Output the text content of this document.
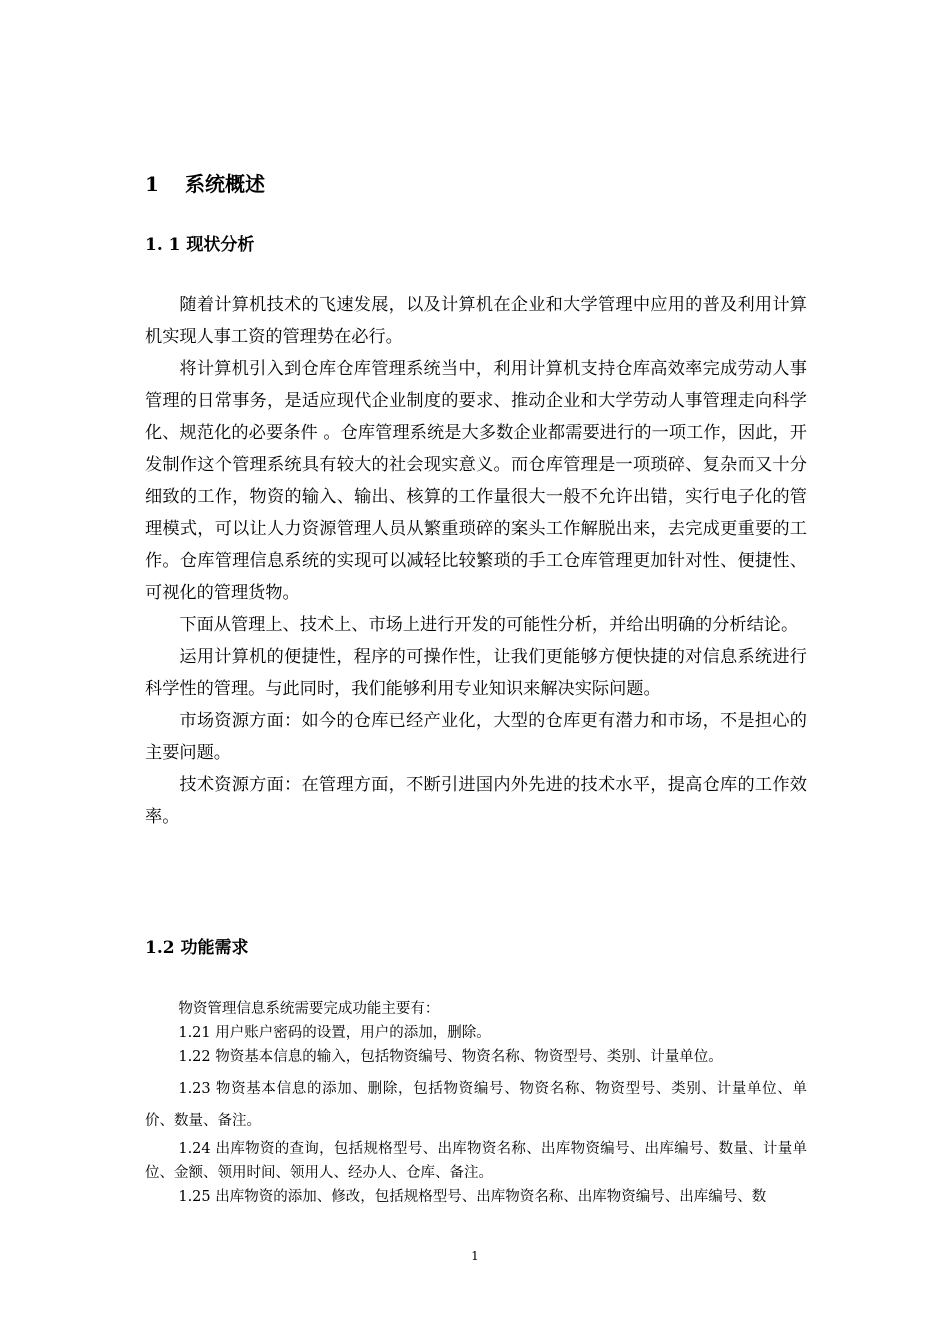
1 系统概述
1. 1 现状分析

随着计算机技术的飞速发展，以及计算机在企业和大学管理中应用的普及利用计算机实现人事工资的管理势在必行。

将计算机引入到仓库仓库管理系统当中，利用计算机支持仓库高效率完成劳动人事管理的日常事务，是适应现代企业制度的要求、推动企业和大学劳动人事管理走向科学化、规范化的必要条件 。仓库管理系统是大多数企业都需要进行的一项工作，因此，开发制作这个管理系统具有较大的社会现实意义。而仓库管理是一项琐碎、复杂而又十分细致的工作，物资的输入、输出、核算的工作量很大一般不允许出错，实行电子化的管理模式，可以让人力资源管理人员从繁重琐碎的案头工作解脱出来，去完成更重要的工作。仓库管理信息系统的实现可以减轻比较繁琐的手工仓库管理更加针对性、便捷性、可视化的管理货物。

下面从管理上、技术上、市场上进行开发的可能性分析，并给出明确的分析结论。

运用计算机的便捷性，程序的可操作性，让我们更能够方便快捷的对信息系统进行科学性的管理。与此同时，我们能够利用专业知识来解决实际问题。

市场资源方面：如今的仓库已经产业化，大型的仓库更有潜力和市场，不是担心的主要问题。

技术资源方面：在管理方面，不断引进国内外先进的技术水平，提高仓库的工作效率。

1.2 功能需求

物资管理信息系统需要完成功能主要有：

1.21 用户账户密码的设置，用户的添加，删除。

1.22 物资基本信息的输入，包括物资编号、物资名称、物资型号、类别、计量单位。

1.23 物资基本信息的添加、删除，包括物资编号、物资名称、物资型号、类别、计量单位、单价、数量、备注。

1.24 出库物资的查询，包括规格型号、出库物资名称、出库物资编号、出库编号、数量、计量单位、金额、领用时间、领用人、经办人、仓库、备注。

1.25 出库物资的添加、修改，包括规格型号、出库物资名称、出库物资编号、出库编号、数

1
